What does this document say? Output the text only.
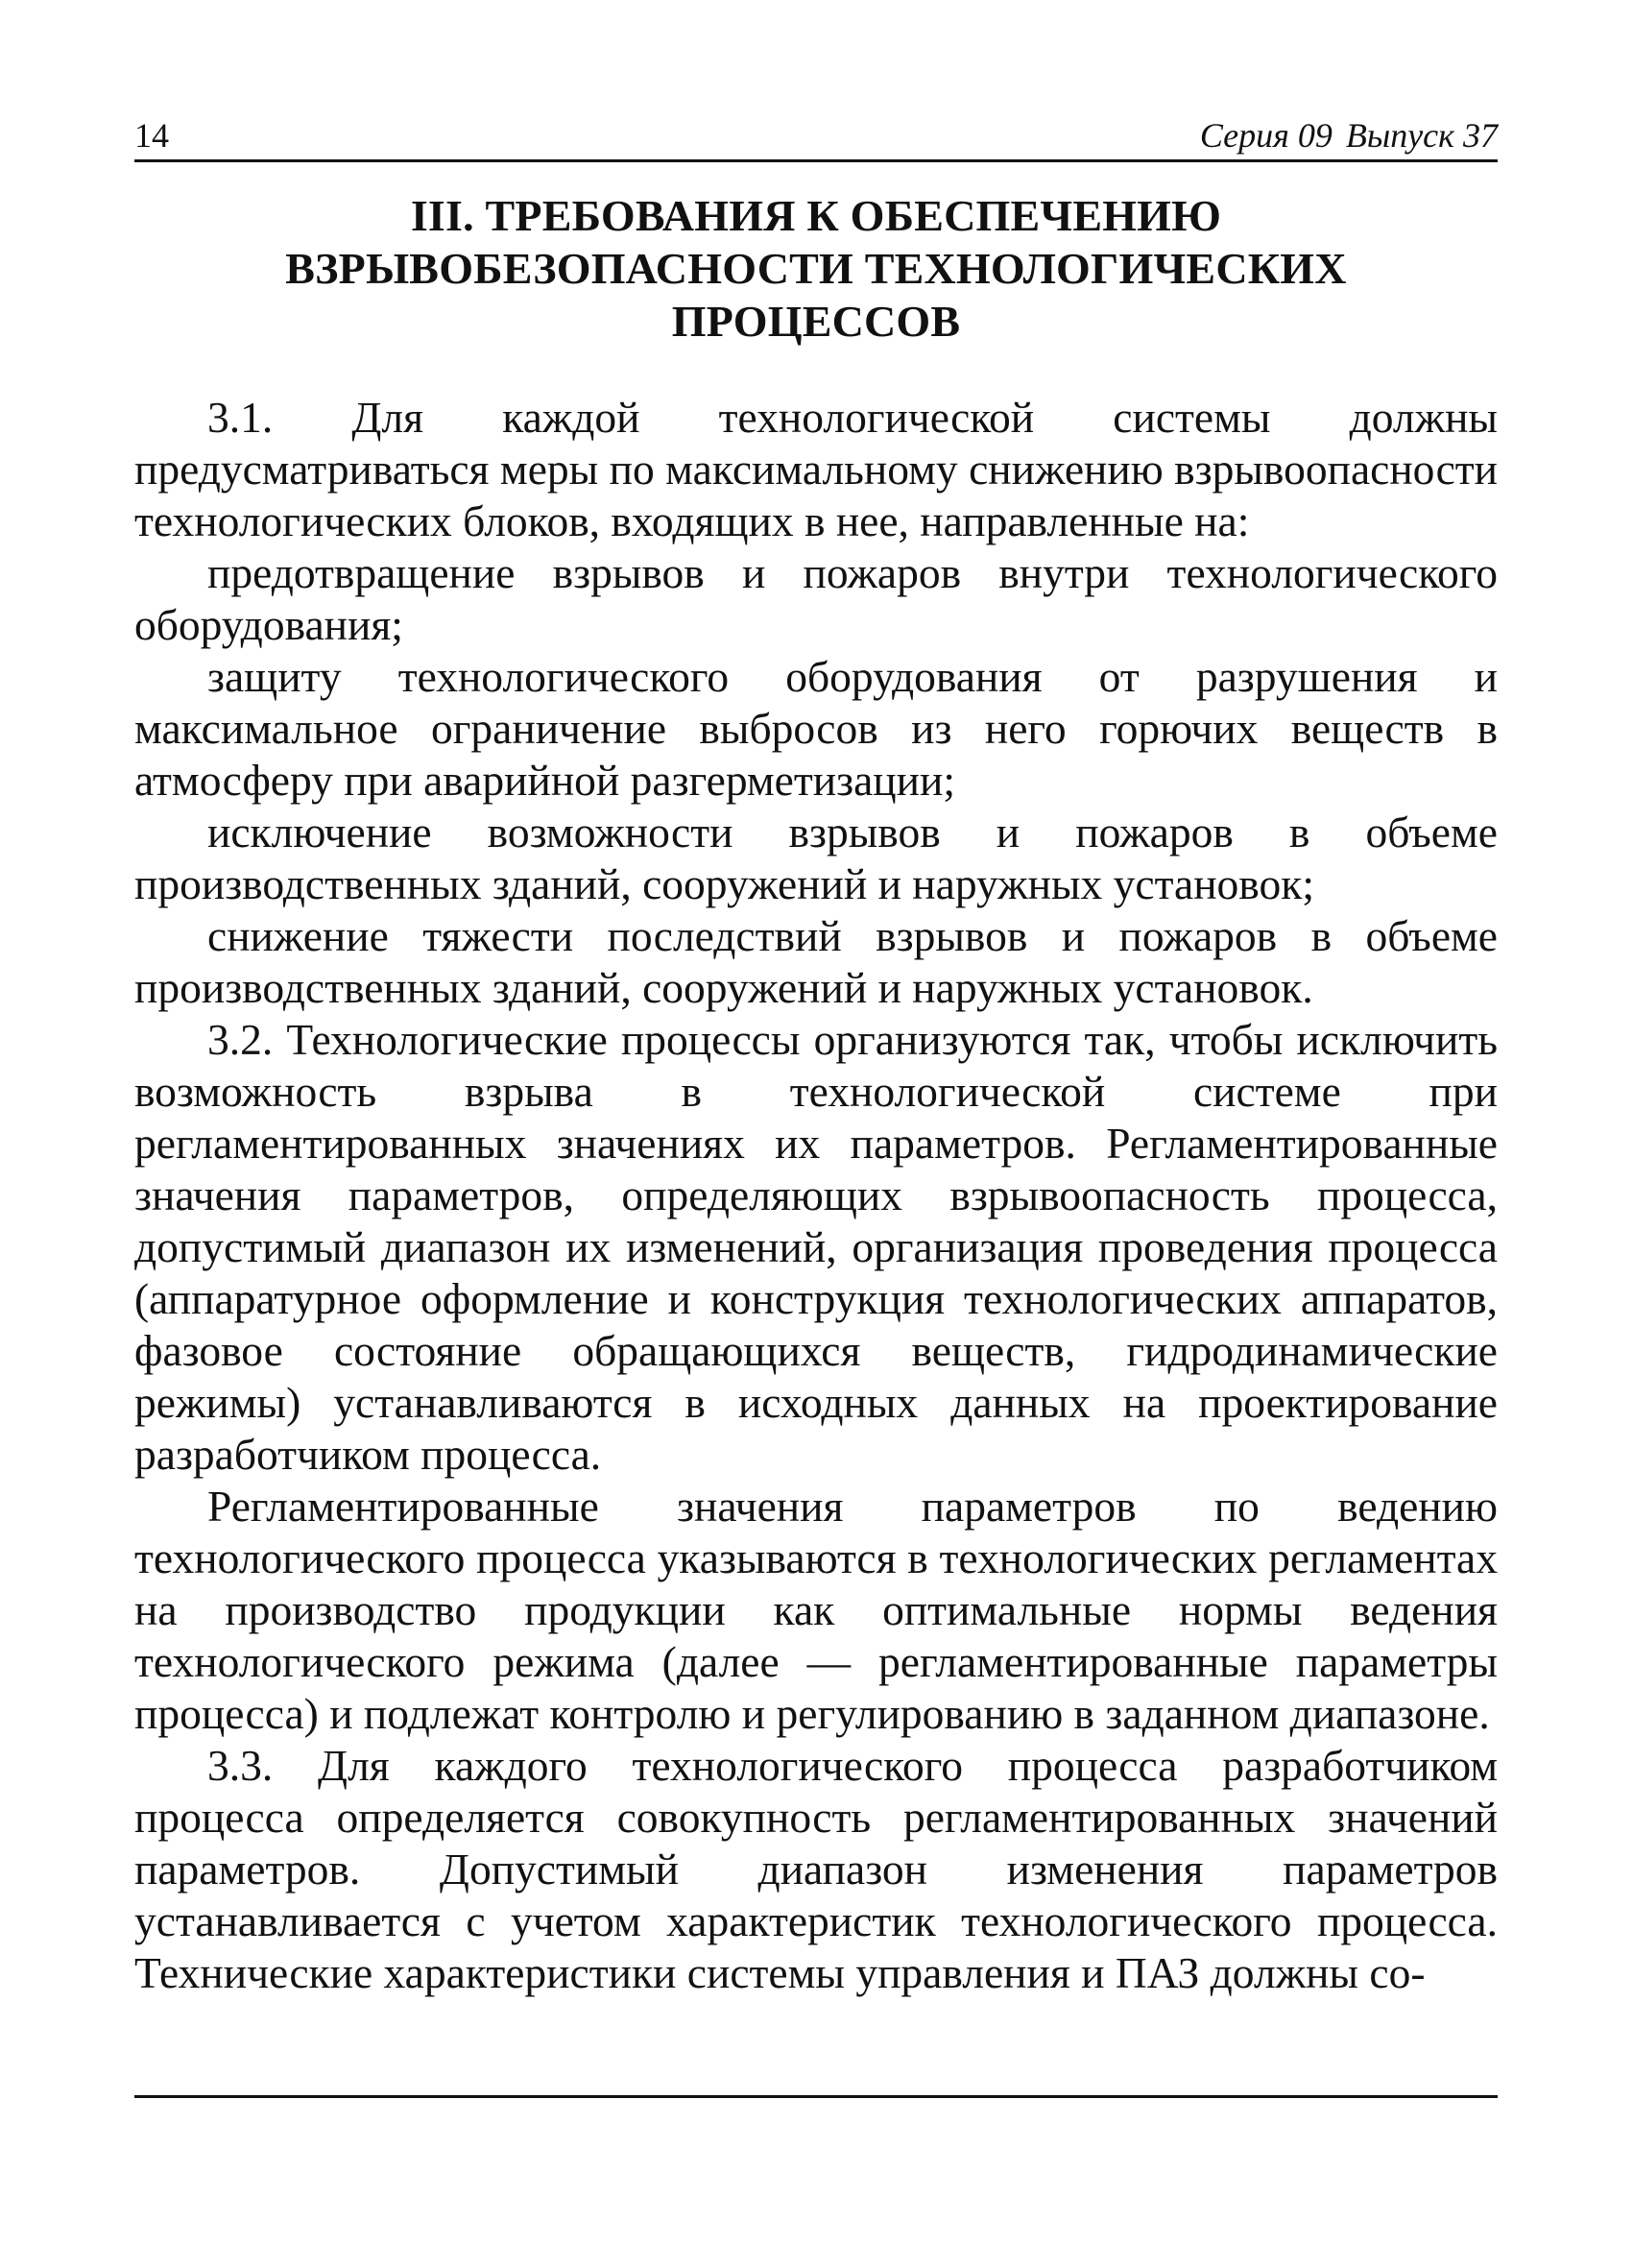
14	Серия 09 Выпуск 37
III. ТРЕБОВАНИЯ К ОБЕСПЕЧЕНИЮ
ВЗРЫВОБЕЗОПАСНОСТИ ТЕХНОЛОГИЧЕСКИХ
ПРОЦЕССОВ

3.1. Для каждой технологической системы должны предусматриваться меры по максимальному снижению взрывоопасности технологических блоков, входящих в нее, направленные на:

предотвращение взрывов и пожаров внутри технологического оборудования;

защиту технологического оборудования от разрушения и максимальное ограничение выбросов из него горючих веществ в атмосферу при аварийной разгерметизации;

исключение возможности взрывов и пожаров в объеме производственных зданий, сооружений и наружных установок;

снижение тяжести последствий взрывов и пожаров в объеме производственных зданий, сооружений и наружных установок.

3.2. Технологические процессы организуются так, чтобы исключить возможность взрыва в технологической системе при регламентированных значениях их параметров. Регламентированные значения параметров, определяющих взрывоопасность процесса, допустимый диапазон их изменений, организация проведения процесса (аппаратурное оформление и конструкция технологических аппаратов, фазовое состояние обращающихся веществ, гидродинамические режимы) устанавливаются в исходных данных на проектирование разработчиком процесса.

Регламентированные значения параметров по ведению технологического процесса указываются в технологических регламентах на производство продукции как оптимальные нормы ведения технологического режима (далее — регламентированные параметры процесса) и подлежат контролю и регулированию в заданном диапазоне.

3.3. Для каждого технологического процесса разработчиком процесса определяется совокупность регламентированных значений параметров. Допустимый диапазон изменения параметров устанавливается с учетом характеристик технологического процесса. Технические характеристики системы управления и ПАЗ должны со-
